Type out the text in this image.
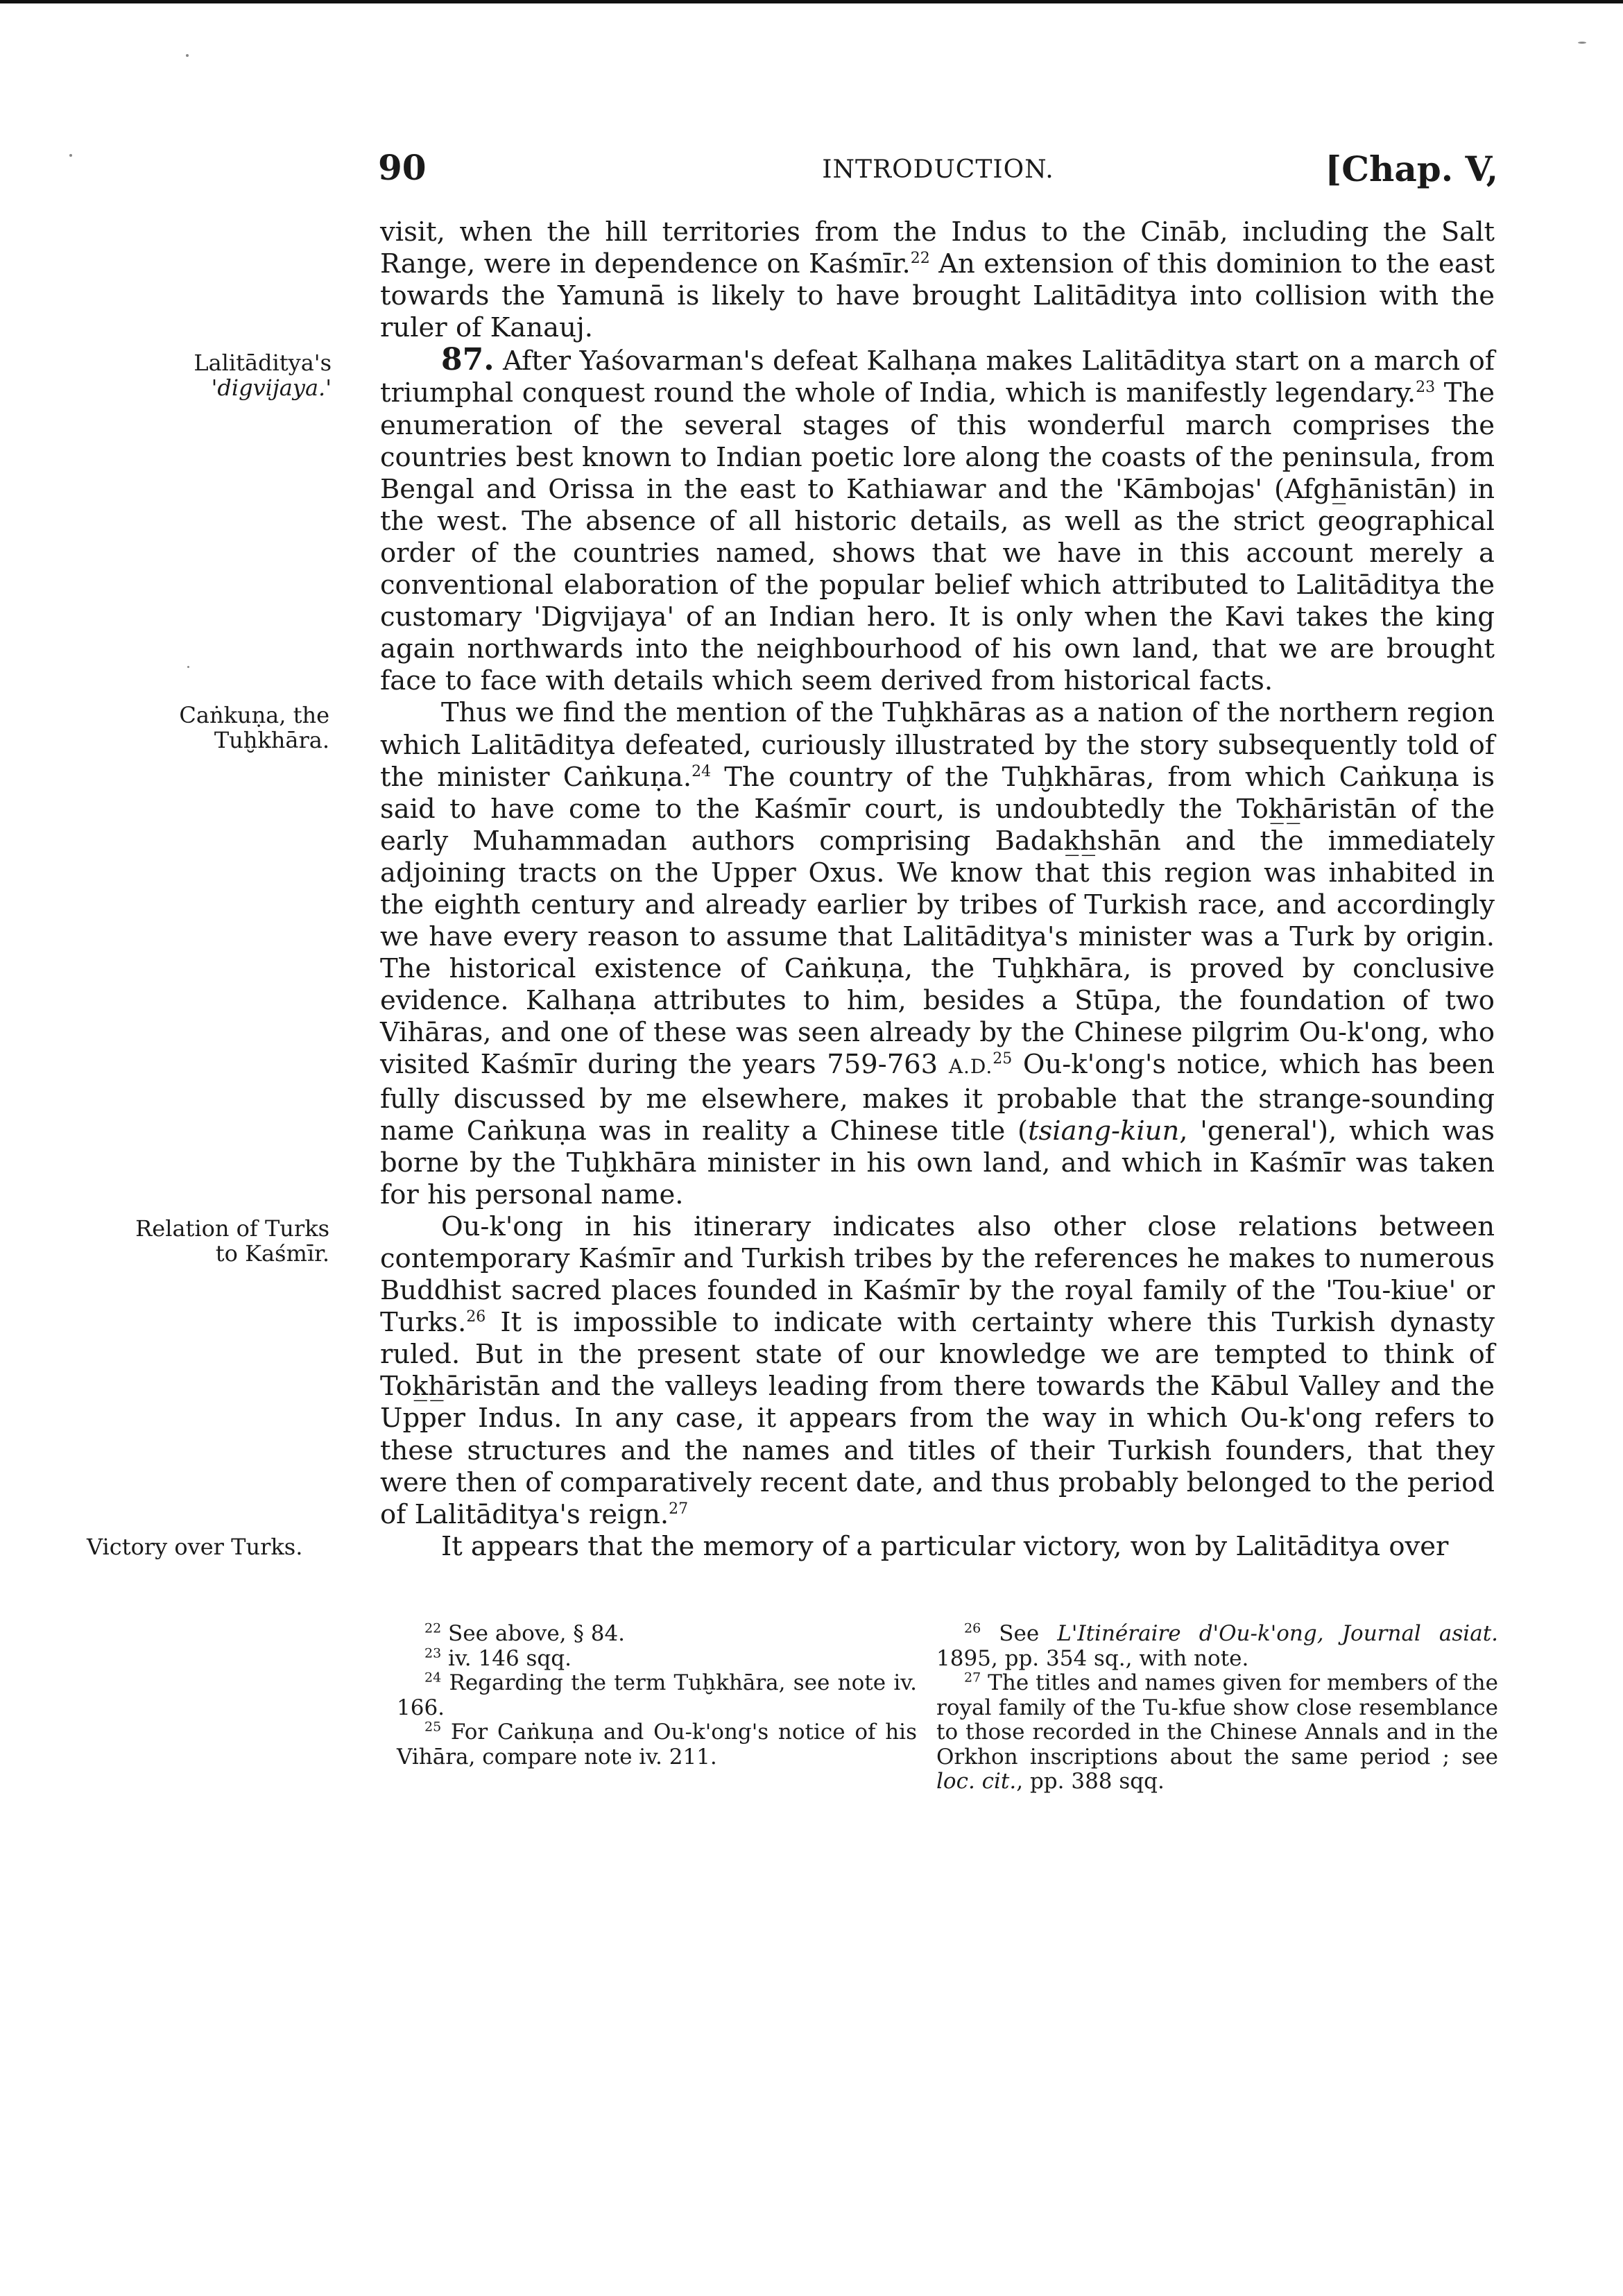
90	INTRODUCTION.	[Chap. V,
Lalitāditya's
'digvijaya.'
Caṅkuṇa, the
Tuḫkhāra.
Relation of Turks
to Kaśmīr.
Victory over Turks.

visit, when the hill territories from the Indus to the Cināb, including the Salt Range, were in dependence on Kaśmīr.$^{22}$ An extension of this dominion to the east towards the Yamunā is likely to have brought Lalitāditya into collision with the ruler of Kanauj.

87. After Yaśovarman's defeat Kalhaṇa makes Lalitāditya start on a march of triumphal conquest round the whole of India, which is manifestly legendary.$^{23}$ The enumeration of the several stages of this wonderful march comprises the countries best known to Indian poetic lore along the coasts of the peninsula, from Bengal and Orissa in the east to Kathiawar and the 'Kāmbojas' (Afgh̲ānistān) in the west. The absence of all historic details, as well as the strict geographical order of the countries named, shows that we have in this account merely a conventional elaboration of the popular belief which attributed to Lalitāditya the customary 'Digvijaya' of an Indian hero. It is only when the Kavi takes the king again northwards into the neighbourhood of his own land, that we are brought face to face with details which seem derived from historical facts.

Thus we find the mention of the Tuḫkhāras as a nation of the northern region which Lalitāditya defeated, curiously illustrated by the story subsequently told of the minister Caṅkuṇa.$^{24}$ The country of the Tuḫkhāras, from which Caṅkuṇa is said to have come to the Kaśmīr court, is undoubtedly the Tok̲h̲āristān of the early Muhammadan authors comprising Badak̲h̲shān and the immediately adjoining tracts on the Upper Oxus. We know that this region was inhabited in the eighth century and already earlier by tribes of Turkish race, and accordingly we have every reason to assume that Lalitāditya's minister was a Turk by origin. The historical existence of Caṅkuṇa, the Tuḫkhāra, is proved by conclusive evidence. Kalhaṇa attributes to him, besides a Stūpa, the foundation of two Vihāras, and one of these was seen already by the Chinese pilgrim Ou-k'ong, who visited Kaśmīr during the years 759-763 A.D.$^{25}$ Ou-k'ong's notice, which has been fully discussed by me elsewhere, makes it probable that the strange-sounding name Caṅkuṇa was in reality a Chinese title (tsiang-kiun, 'general'), which was borne by the Tuḫkhāra minister in his own land, and which in Kaśmīr was taken for his personal name.

Ou-k'ong in his itinerary indicates also other close relations between contemporary Kaśmīr and Turkish tribes by the references he makes to numerous Buddhist sacred places founded in Kaśmīr by the royal family of the 'Tou-kiue' or Turks.$^{26}$ It is impossible to indicate with certainty where this Turkish dynasty ruled. But in the present state of our knowledge we are tempted to think of Tok̲h̲āristān and the valleys leading from there towards the Kābul Valley and the Upper Indus. In any case, it appears from the way in which Ou-k'ong refers to these structures and the names and titles of their Turkish founders, that they were then of comparatively recent date, and thus probably belonged to the period of Lalitāditya's reign.$^{27}$

It appears that the memory of a particular victory, won by Lalitāditya over

$^{22}$ See above, § 84.

$^{23}$ iv. 146 sqq.

$^{24}$ Regarding the term Tuḫkhāra, see note iv. 166.

$^{25}$ For Caṅkuṇa and Ou-k'ong's notice of his Vihāra, compare note iv. 211.

$^{26}$ See L'Itinéraire d'Ou-k'ong, Journal asiat. 1895, pp. 354 sq., with note.

$^{27}$ The titles and names given for members of the royal family of the Tu-kfue show close resemblance to those recorded in the Chinese Annals and in the Orkhon inscriptions about the same period ; see loc. cit., pp. 388 sqq.
